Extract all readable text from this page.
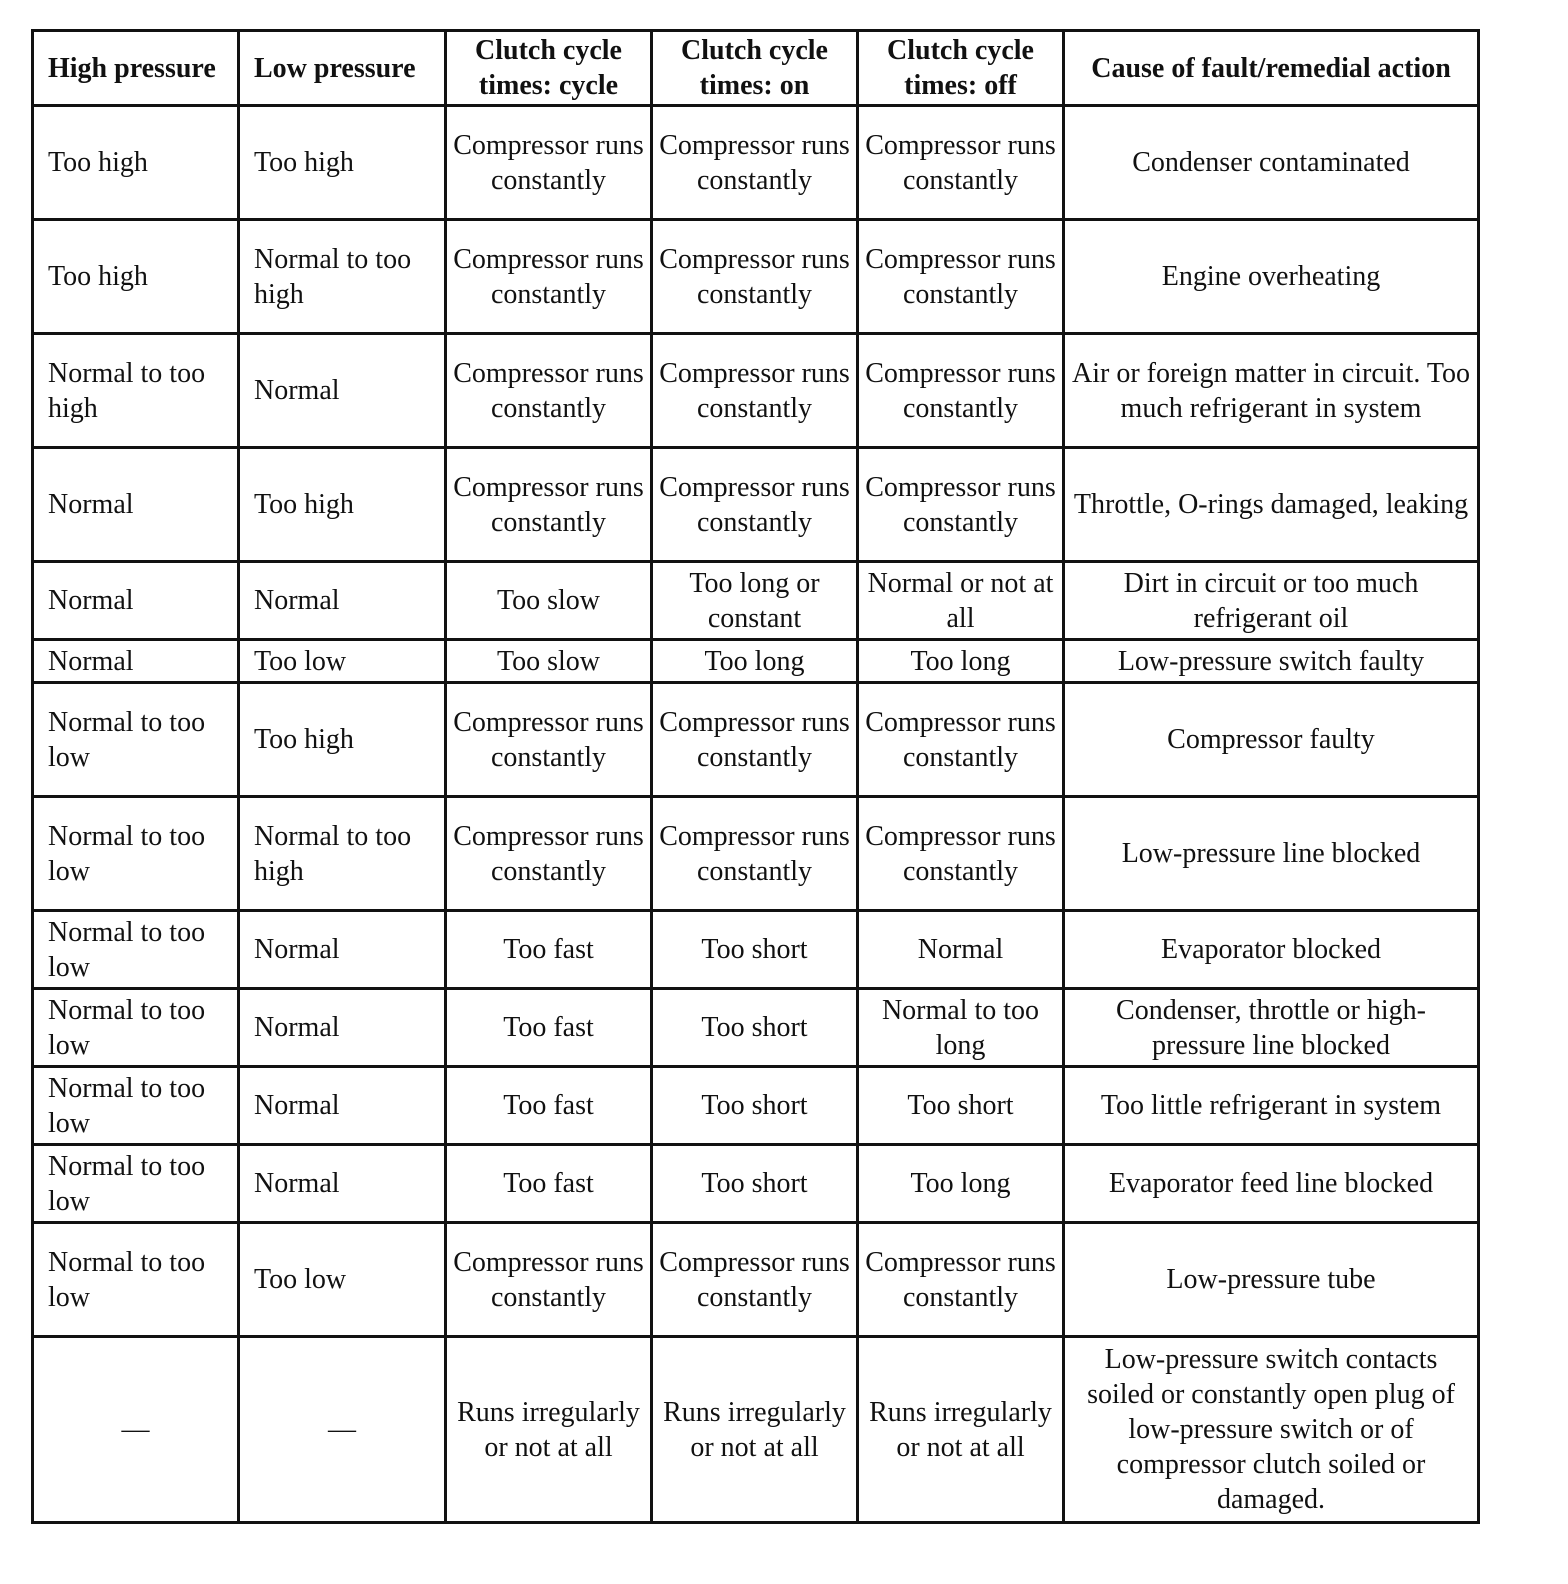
High pressure	Low pressure	Clutch cycle times: cycle	Clutch cycle times: on	Clutch cycle times: off	Cause of fault/remedial action
Too high	Too high	Compressor runs constantly	Compressor runs constantly	Compressor runs constantly	Condenser contaminated
Too high	Normal to too high	Compressor runs constantly	Compressor runs constantly	Compressor runs constantly	Engine overheating
Normal to too high	Normal	Compressor runs constantly	Compressor runs constantly	Compressor runs constantly	Air or foreign matter in circuit. Too much refrigerant in system
Normal	Too high	Compressor runs constantly	Compressor runs constantly	Compressor runs constantly	Throttle, O-rings damaged, leaking
Normal	Normal	Too slow	Too long or constant	Normal or not at all	Dirt in circuit or too much refrigerant oil
Normal	Too low	Too slow	Too long	Too long	Low-pressure switch faulty
Normal to too low	Too high	Compressor runs constantly	Compressor runs constantly	Compressor runs constantly	Compressor faulty
Normal to too low	Normal to too high	Compressor runs constantly	Compressor runs constantly	Compressor runs constantly	Low-pressure line blocked
Normal to too low	Normal	Too fast	Too short	Normal	Evaporator blocked
Normal to too low	Normal	Too fast	Too short	Normal to too long	Condenser, throttle or high-pressure line blocked
Normal to too low	Normal	Too fast	Too short	Too short	Too little refrigerant in system
Normal to too low	Normal	Too fast	Too short	Too long	Evaporator feed line blocked
Normal to too low	Too low	Compressor runs constantly	Compressor runs constantly	Compressor runs constantly	Low-pressure tube
—	—	Runs irregularly or not at all	Runs irregularly or not at all	Runs irregularly or not at all	Low-pressure switch contacts soiled or constantly open plug of low-pressure switch or of compressor clutch soiled or damaged.
